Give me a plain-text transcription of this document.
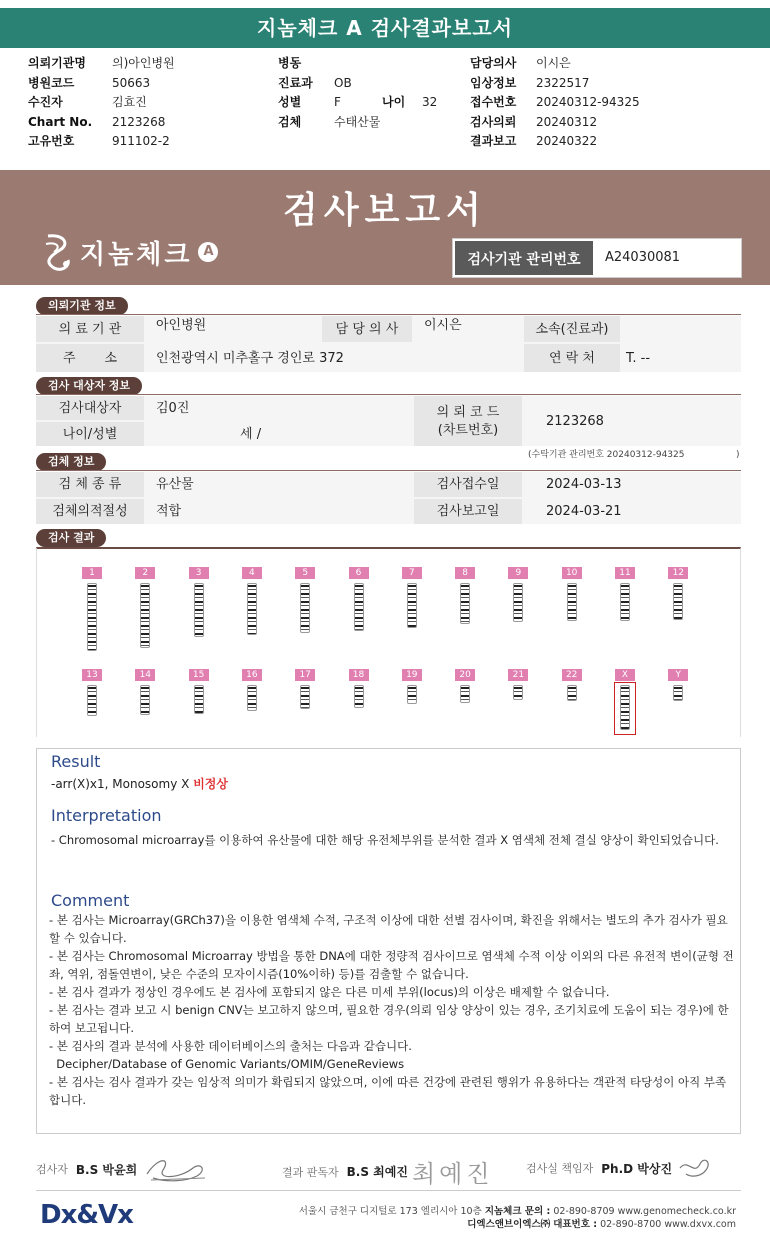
지놈체크 A 검사결과보고서
의뢰기관명	의)아인병원
병원코드	50663
수진자	김효진
Chart No.	2123268
고유번호	911102-2
병동
진료과	OB
성별	F	나이	32
검체	수태산물
담당의사	이시은
임상정보	2322517
접수번호	20240312-94325
검사의뢰	20240312
결과보고	20240322
검사보고서
지놈체크 A
검사기관 관리번호	A24030081
의뢰기관 정보
의 료 기 관	아인병원	담 당 의 사	이시은	소속(진료과)
주       소	인천광역시 미추홀구 경인로 372	연 락 처	T. --
검사 대상자 정보
검사대상자	김0진
나이/성별	세 /
의 뢰 코 드
(차트번호)
2123268
(수탁기관 관리번호 20240312-94325	)
검체 정보
검 체 종 류	유산물	검사접수일	2024-03-13
검체의적절성	적합	검사보고일	2024-03-21
검사 결과
1	2	3	4	5	6	7	8	9	10	11	12
13	14	15	16	17	18	19	20	21	22	X	Y
Result
-arr(X)x1, Monosomy X 비정상
Interpretation
- Chromosomal microarray를 이용하여 유산물에 대한 해당 유전체부위를 분석한 결과 X 염색체 전체 결실 양상이 확인되었습니다.
Comment
- 본 검사는 Microarray(GRCh37)을 이용한 염색체 수적, 구조적 이상에 대한 선별 검사이며, 확진을 위해서는 별도의 추가 검사가 필요할 수 있습니다.
- 본 검사는 Chromosomal Microarray 방법을 통한 DNA에 대한 정량적 검사이므로 염색체 수적 이상 이외의 다른 유전적 변이(균형 전좌, 역위, 점돌연변이, 낮은 수준의 모자이시즘(10%이하) 등)를 검출할 수 없습니다.
- 본 검사 결과가 정상인 경우에도 본 검사에 포함되지 않은 다른 미세 부위(locus)의 이상은 배제할 수 없습니다.
- 본 검사는 결과 보고 시 benign CNV는 보고하지 않으며, 필요한 경우(의뢰 임상 양상이 있는 경우, 조기치료에 도움이 되는 경우)에 한하여 보고됩니다.
- 본 검사의 결과 분석에 사용한 데이터베이스의 출처는 다음과 같습니다.
Decipher/Database of Genomic Variants/OMIM/GeneReviews
- 본 검사는 검사 결과가 갖는 임상적 의미가 확립되지 않았으며, 이에 따른 건강에 관련된 행위가 유용하다는 객관적 타당성이 아직 부족합니다.
검사자 B.S 박윤희	결과 판독자 B.S 최예진 최예진	검사실 책임자 Ph.D 박상진
Dx&Vx	서울시 금천구 디지털로 173 엘리시아 10층 지놈체크 문의 : 02-890-8709 www.genomecheck.co.kr
디엑스앤브이엑스㈜ 대표번호 : 02-890-8700 www.dxvx.com
